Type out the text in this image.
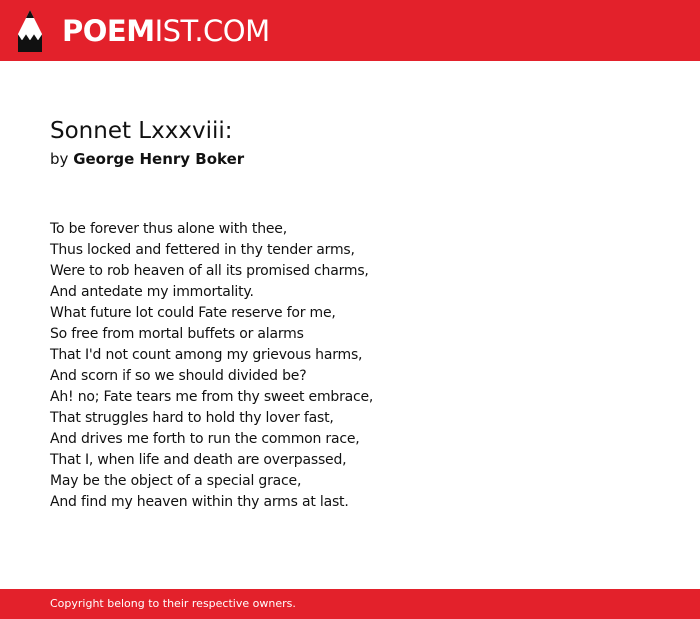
POEMIST.COM
Sonnet Lxxxviii:
by George Henry Boker
To be forever thus alone with thee,
Thus locked and fettered in thy tender arms,
Were to rob heaven of all its promised charms,
And antedate my immortality.
What future lot could Fate reserve for me,
So free from mortal buffets or alarms
That I'd not count among my grievous harms,
And scorn if so we should divided be?
Ah! no; Fate tears me from thy sweet embrace,
That struggles hard to hold thy lover fast,
And drives me forth to run the common race,
That I, when life and death are overpassed,
May be the object of a special grace,
And find my heaven within thy arms at last.
Copyright belong to their respective owners.
